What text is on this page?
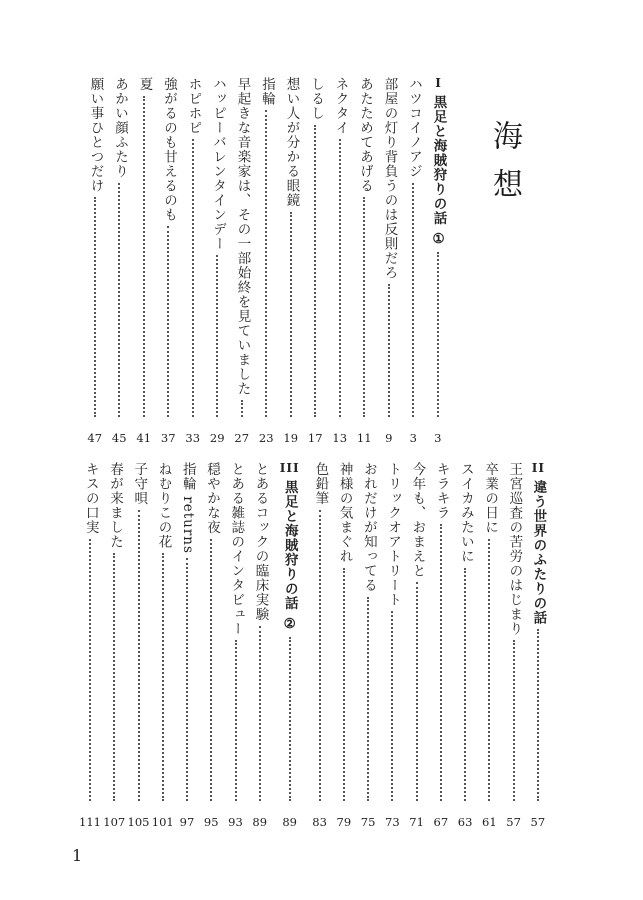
海想
I黒足と海賊狩りの話 ①
3
ハツコイノアジ
3
部屋の灯り背負うのは反則だろ
9
あたためてあげる
11
ネクタイ
13
しるし
17
想い人が分かる眼鏡
19
指輪
23
早起きな音楽家は、その一部始終を見ていました
27
ハッピーバレンタインデー
29
ホピホピ
33
強がるのも甘えるのも
37
夏
41
あかい顔ふたり
45
願い事ひとつだけ
47
II違う世界のふたりの話
57
王宮巡査の苦労のはじまり
57
卒業の日に
61
スイカみたいに
63
キラキラ
67
今年も、おまえと
71
トリックオアトリート
73
おれだけが知ってる
75
神様の気まぐれ
79
色鉛筆
83
III黒足と海賊狩りの話 ②
89
とあるコックの臨床実験
89
とある雑誌のインタビュー
93
穏やかな夜
95
指輪 returns
97
ねむりこの花
101
子守唄
105
春が来ました
107
キスの口実
111
1
